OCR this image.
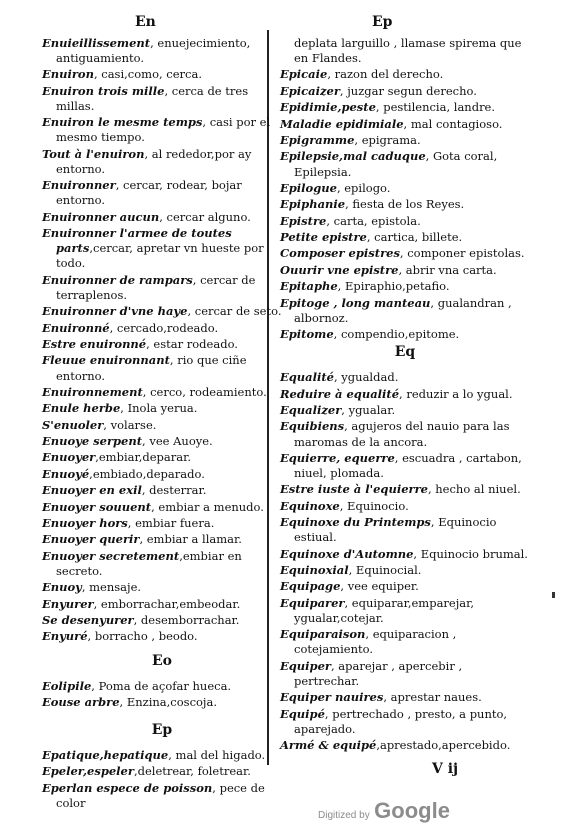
En	Ep
Enuieillissement, enuejecimiento, antiguamiento.
Enuiron, casi,como, cerca.
Enuiron trois mille, cerca de tres millas.
Enuiron le mesme temps, casi por el mesmo tiempo.
Tout à l'enuiron, al rededor,por ay entorno.
Enuironner, cercar, rodear, bojar entorno.
Enuironner aucun, cercar alguno.
Enuironner l'armee de toutes parts,cercar, apretar vn hueste por todo.
Enuironner de rampars, cercar de terraplenos.
Enuironner d'vne haye, cercar de seto.
Enuironné, cercado,rodeado.
Estre enuironné, estar rodeado.
Fleuue enuironnant, rio que ciñe entorno.
Enuironnement, cerco, rodeamiento.
Enule herbe, Inola yerua.
S'enuoler, volarse.
Enuoye serpent, vee Auoye.
Enuoyer,embiar,deparar.
Enuoyé,embiado,deparado.
Enuoyer en exil, desterrar.
Enuoyer souuent, embiar a menudo.
Enuoyer hors, embiar fuera.
Enuoyer querir, embiar a llamar.
Enuoyer secretement,embiar en secreto.
Enuoy, mensaje.
Enyurer, emborrachar,embeodar.
Se desenyurer, desemborrachar.
Enyuré, borracho , beodo.
Eo
Eolipile, Poma de açofar hueca.
Eouse arbre, Enzina,coscoja.
Ep
Epatique,hepatique, mal del higado.
Epeler,espeler,deletrear, foletrear.
Eperlan espece de poisson, pece de color
deplata larguillo , llamase spirema que en Flandes.
Epicaie, razon del derecho.
Epicaizer, juzgar segun derecho.
Epidimie,peste, pestilencia, landre.
Maladie epidimiale, mal contagioso.
Epigramme, epigrama.
Epilepsie,mal caduque, Gota coral, Epilepsia.
Epilogue, epilogo.
Epiphanie, fiesta de los Reyes.
Epistre, carta, epistola.
Petite epistre, cartica, billete.
Composer epistres, componer epistolas.
Ouurir vne epistre, abrir vna carta.
Epitaphe, Epiraphio,petafio.
Epitoge , long manteau, gualandran , albornoz.
Epitome, compendio,epitome.
Eq
Equalité, ygualdad.
Reduire à equalité, reduzir a lo ygual.
Equalizer, ygualar.
Equibiens, agujeros del nauio para las maromas de la ancora.
Equierre, equerre, escuadra , cartabon, niuel, plomada.
Estre iuste à l'equierre, hecho al niuel.
Equinoxe, Equinocio.
Equinoxe du Printemps, Equinocio estiual.
Equinoxe d'Automne, Equinocio brumal.
Equinoxial, Equinocial.
Equipage, vee equiper.
Equiparer, equiparar,emparejar, ygualar,cotejar.
Equiparaison, equiparacion , cotejamiento.
Equiper, aparejar , apercebir , pertrechar.
Equiper nauires, aprestar naues.
Equipé, pertrechado , presto, a punto, aparejado.
Armé & equipé,aprestado,apercebido.
V ij
Digitized by Google
